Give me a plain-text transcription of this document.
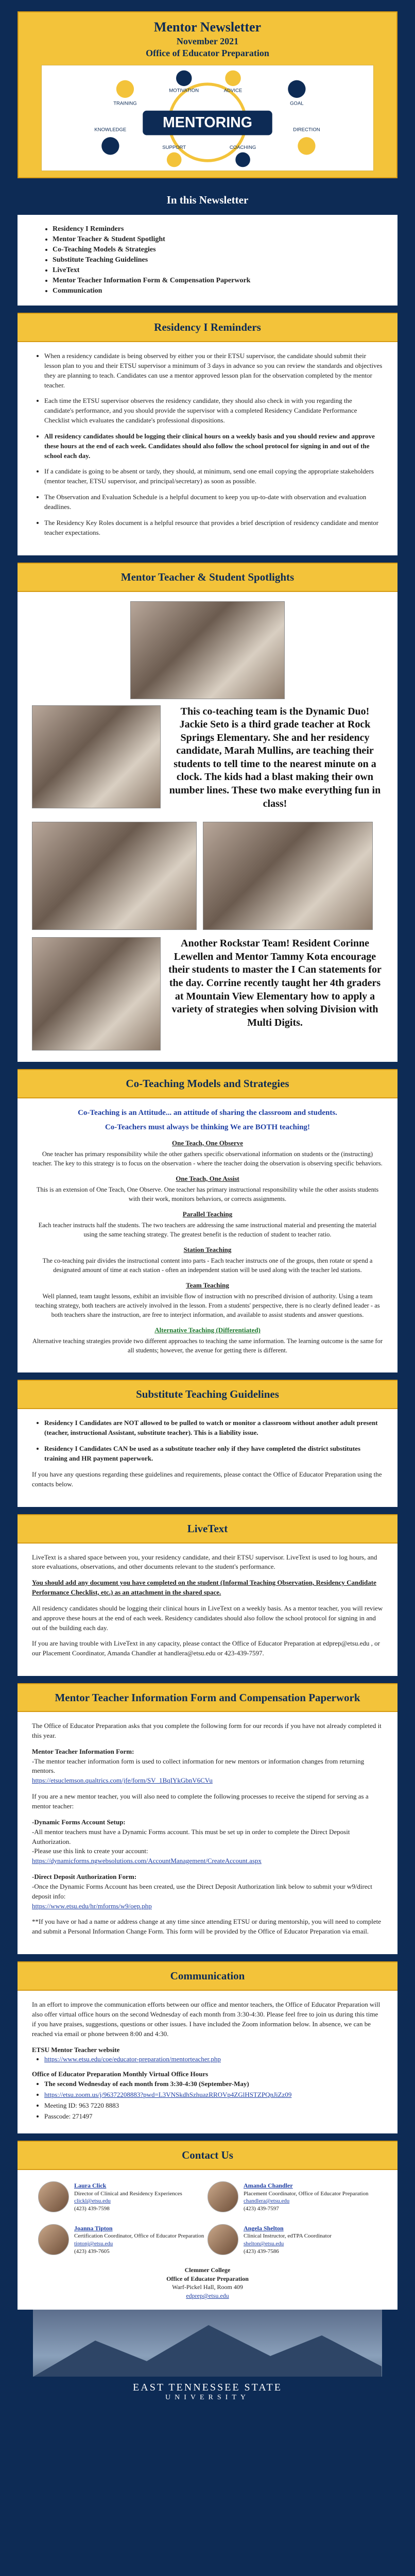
Mentor Newsletter
November 2021
Office of Educator Preparation
MENTORING
TRAINING
MOTIVATION	ADVICE
GOAL
DIRECTION
SUPPORT	COACHING
KNOWLEDGE
In this Newsletter
• Residency I Reminders
• Mentor Teacher & Student Spotlight
• Co-Teaching Models & Strategies
• Substitute Teaching Guidelines
• LiveText
• Mentor Teacher Information Form & Compensation Paperwork
• Communication
Residency I Reminders
• When a residency candidate is being observed by either you or their ETSU supervisor, the candidate should submit their lesson plan to you and their ETSU supervisor a minimum of 3 days in advance so you can review the standards and objectives they are planning to teach. Candidates can use a mentor approved lesson plan for the observation completed by the mentor teacher.
• Each time the ETSU supervisor observes the residency candidate, they should also check in with you regarding the candidate's performance, and you should provide the supervisor with a completed Residency Candidate Performance Checklist which evaluates the candidate's professional dispositions.
• All residency candidates should be logging their clinical hours on a weekly basis and you should review and approve these hours at the end of each week. Candidates should also follow the school protocol for signing in and out of the school each day.
• If a candidate is going to be absent or tardy, they should, at minimum, send one email copying the appropriate stakeholders (mentor teacher, ETSU supervisor, and principal/secretary) as soon as possible.
• The Observation and Evaluation Schedule is a helpful document to keep you up-to-date with observation and evaluation deadlines.
• The Residency Key Roles document is a helpful resource that provides a brief description of residency candidate and mentor teacher expectations.
Mentor Teacher & Student Spotlights
This co-teaching team is the Dynamic Duo! Jackie Seto is a third grade teacher at Rock Springs Elementary. She and her residency candidate, Marah Mullins, are teaching their students to tell time to the nearest minute on a clock. The kids had a blast making their own number lines. These two make everything fun in class!
Another Rockstar Team! Resident Corinne Lewellen and Mentor Tammy Kota encourage their students to master the I Can statements for the day. Corrine recently taught her 4th graders at Mountain View Elementary how to apply a variety of strategies when solving Division with Multi Digits.
Co-Teaching Models and Strategies
Co-Teaching is an Attitude... an attitude of sharing the classroom and students.
Co-Teachers must always be thinking We are BOTH teaching!
One Teach, One Observe

One teacher has primary responsibility while the other gathers specific observational information on students or the (instructing) teacher. The key to this strategy is to focus on the observation - where the teacher doing the observation is observing specific behaviors.

One Teach, One Assist

This is an extension of One Teach, One Observe. One teacher has primary instructional responsibility while the other assists students with their work, monitors behaviors, or corrects assignments.

Parallel Teaching

Each teacher instructs half the students. The two teachers are addressing the same instructional material and presenting the material using the same teaching strategy. The greatest benefit is the reduction of student to teacher ratio.

Station Teaching

The co-teaching pair divides the instructional content into parts - Each teacher instructs one of the groups, then rotate or spend a designated amount of time at each station - often an independent station will be used along with the teacher led stations.

Team Teaching

Well planned, team taught lessons, exhibit an invisible flow of instruction with no prescribed division of authority. Using a team teaching strategy, both teachers are actively involved in the lesson. From a students' perspective, there is no clearly defined leader - as both teachers share the instruction, are free to interject information, and available to assist students and answer questions.

Alternative Teaching (Differentiated)

Alternative teaching strategies provide two different approaches to teaching the same information. The learning outcome is the same for all students; however, the avenue for getting there is different.

Substitute Teaching Guidelines
• Residency I Candidates are NOT allowed to be pulled to watch or monitor a classroom without another adult present (teacher, instructional Assistant, substitute teacher). This is a liability issue.
• Residency I Candidates CAN be used as a substitute teacher only if they have completed the district substitutes training and HR payment paperwork.

If you have any questions regarding these guidelines and requirements, please contact the Office of Educator Preparation using the contacts below.

LiveText

LiveText is a shared space between you, your residency candidate, and their ETSU supervisor. LiveText is used to log hours, and store evaluations, observations, and other documents relevant to the student's performance.

You should add any document you have completed on the student (Informal Teaching Observation, Residency Candidate Performance Checklist, etc.) as an attachment in the shared space.

All residency candidates should be logging their clinical hours in LiveText on a weekly basis. As a mentor teacher, you will review and approve these hours at the end of each week. Residency candidates should also follow the school protocol for signing in and out of the building each day.

If you are having trouble with LiveText in any capacity, please contact the Office of Educator Preparation at edprep@etsu.edu , or our Placement Coordinator, Amanda Chandler at handlera@etsu.edu or 423-439-7597.

Mentor Teacher Information Form and Compensation Paperwork

The Office of Educator Preparation asks that you complete the following form for our records if you have not already completed it this year.

Mentor Teacher Information Form:
-The mentor teacher information form is used to collect information for new mentors or information changes from returning mentors.

https://etsuclemson.qualtrics.com/jfe/form/SV_1BqIYkGbnV6CVu

If you are a new mentor teacher, you will also need to complete the following processes to receive the stipend for serving as a mentor teacher:

-Dynamic Forms Account Setup:
-All mentor teachers must have a Dynamic Forms account. This must be set up in order to complete the Direct Deposit Authorization.
-Please use this link to create your account:

https://dynamicforms.ngwebsolutions.com/AccountManagement/CreateAccount.aspx

-Direct Deposit Authorization Form:
-Once the Dynamic Forms Account has been created, use the Direct Deposit Authorization link below to submit your w9/direct deposit info:

https://www.etsu.edu/hr/mforms/w9/oep.php

**If you have or had a name or address change at any time since attending ETSU or during mentorship, you will need to complete and submit a Personal Information Change Form. This form will be provided by the Office of Educator Preparation via email.

Communication

In an effort to improve the communication efforts between our office and mentor teachers, the Office of Educator Preparation will also offer virtual office hours on the second Wednesday of each month from 3:30-4:30. Please feel free to join us during this time if you have praises, suggestions, questions or other issues. I have included the Zoom information below. In absence, we can be reached via email or phone between 8:00 and 4:30.

ETSU Mentor Teacher website
• https://www.etsu.edu/coe/educator-preparation/mentorteacher.php
Office of Educator Preparation Monthly Virtual Office Hours
• The second Wednesday of each month from 3:30-4:30 (September-May)
• https://etsu.zoom.us/j/96372208883?pwd=L3VNSkdhSzhuazRROVp4ZGlHSTZPQnJiZz09
• Meeting ID: 963 7220 8883
• Passcode: 271497
Contact Us
Laura Click
Director of Clinical and Residency Experiences
clickl@etsu.edu
(423) 439-7598
Amanda Chandler
Placement Coordinator, Office of Educator Preparation
chandlera@etsu.edu
(423) 439-7597
Joanna Tipton
Certification Coordinator, Office of Educator Preparation
tiptonj@etsu.edu
(423) 439-7605
Angela Shelton
Clinical Instructor, edTPA Coordinator
shelton@etsu.edu
(423) 439-7586
Clemmer College
Office of Educator Preparation
Warf-Pickel Hall, Room 409
edprep@etsu.edu
EAST TENNESSEE STATE
UNIVERSITY
